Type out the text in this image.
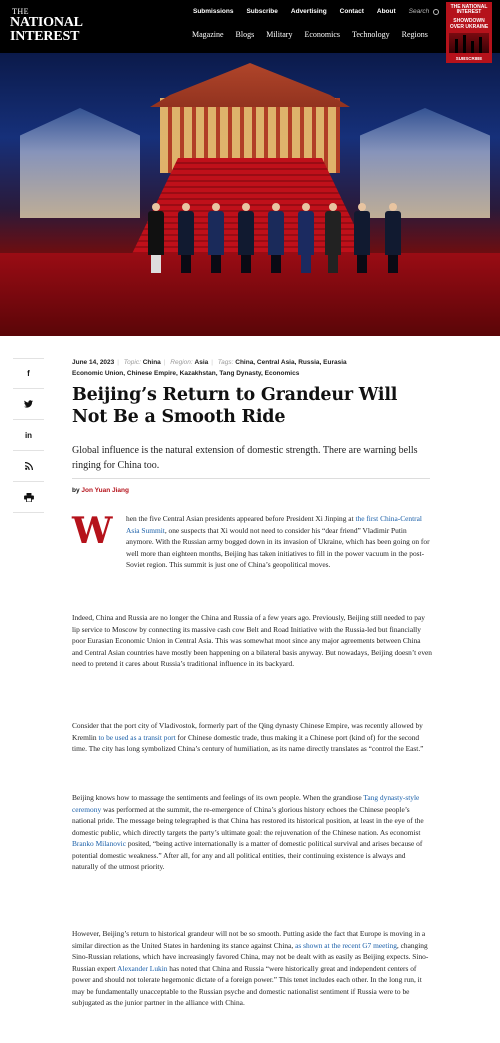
THE
NATIONAL
INTEREST
Submissions Subscribe Advertising Contact About Search
Magazine Blogs Military Economics Technology Regions
THE NATIONAL INTEREST
SHOWDOWN OVER UKRAINE
SUBSCRIBE
f
in
June 14, 2023 | Topic: China | Region: Asia | Tags: China, Central Asia, Russia, Eurasia Economic Union, Chinese Empire, Kazakhstan, Tang Dynasty, Economics
Beijing’s Return to Grandeur Will Not Be a Smooth Ride

Global influence is the natural extension of domestic strength. There are warning bells ringing for China too.

by Jon Yuan Jiang
W hen the five Central Asian presidents appeared before President Xi Jinping at the first China-Central Asia Summit, one suspects that Xi would not need to consider his “dear friend” Vladimir Putin anymore. With the Russian army bogged down in its invasion of Ukraine, which has been going on for well more than eighteen months, Beijing has taken initiatives to fill in the power vacuum in the post-Soviet region. This summit is just one of China’s geopolitical moves.

Indeed, China and Russia are no longer the China and Russia of a few years ago. Previously, Beijing still needed to pay lip service to Moscow by connecting its massive cash cow Belt and Road Initiative with the Russia-led but financially poor Eurasian Economic Union in Central Asia. This was somewhat moot since any major agreements between China and Central Asian countries have mostly been happening on a bilateral basis anyway. But nowadays, Beijing doesn’t even need to pretend it cares about Russia’s traditional influence in its backyard.

Consider that the port city of Vladivostok, formerly part of the Qing dynasty Chinese Empire, was recently allowed by Kremlin to be used as a transit port for Chinese domestic trade, thus making it a Chinese port (kind of) for the second time. The city has long symbolized China’s century of humiliation, as its name directly translates as “control the East.”

Beijing knows how to massage the sentiments and feelings of its own people. When the grandiose Tang dynasty-style ceremony was performed at the summit, the re-emergence of China’s glorious history echoes the Chinese people’s national pride. The message being telegraphed is that China has restored its historical position, at least in the eye of the domestic public, which directly targets the party’s ultimate goal: the rejuvenation of the Chinese nation. As economist Branko Milanovic posited, “being active internationally is a matter of domestic political survival and arises because of potential domestic weakness.” After all, for any and all political entities, their continuing existence is always and naturally of the utmost priority.

However, Beijing’s return to historical grandeur will not be so smooth. Putting aside the fact that Europe is moving in a similar direction as the United States in hardening its stance against China, as shown at the recent G7 meeting, changing Sino-Russian relations, which have increasingly favored China, may not be dealt with as easily as Beijing expects. Sino-Russian expert Alexander Lukin has noted that China and Russia “were historically great and independent centers of power and should not tolerate hegemonic dictate of a foreign power.” This tenet includes each other. In the long run, it may be fundamentally unacceptable to the Russian psyche and domestic nationalist sentiment if Russia were to be subjugated as the junior partner in the alliance with China.
